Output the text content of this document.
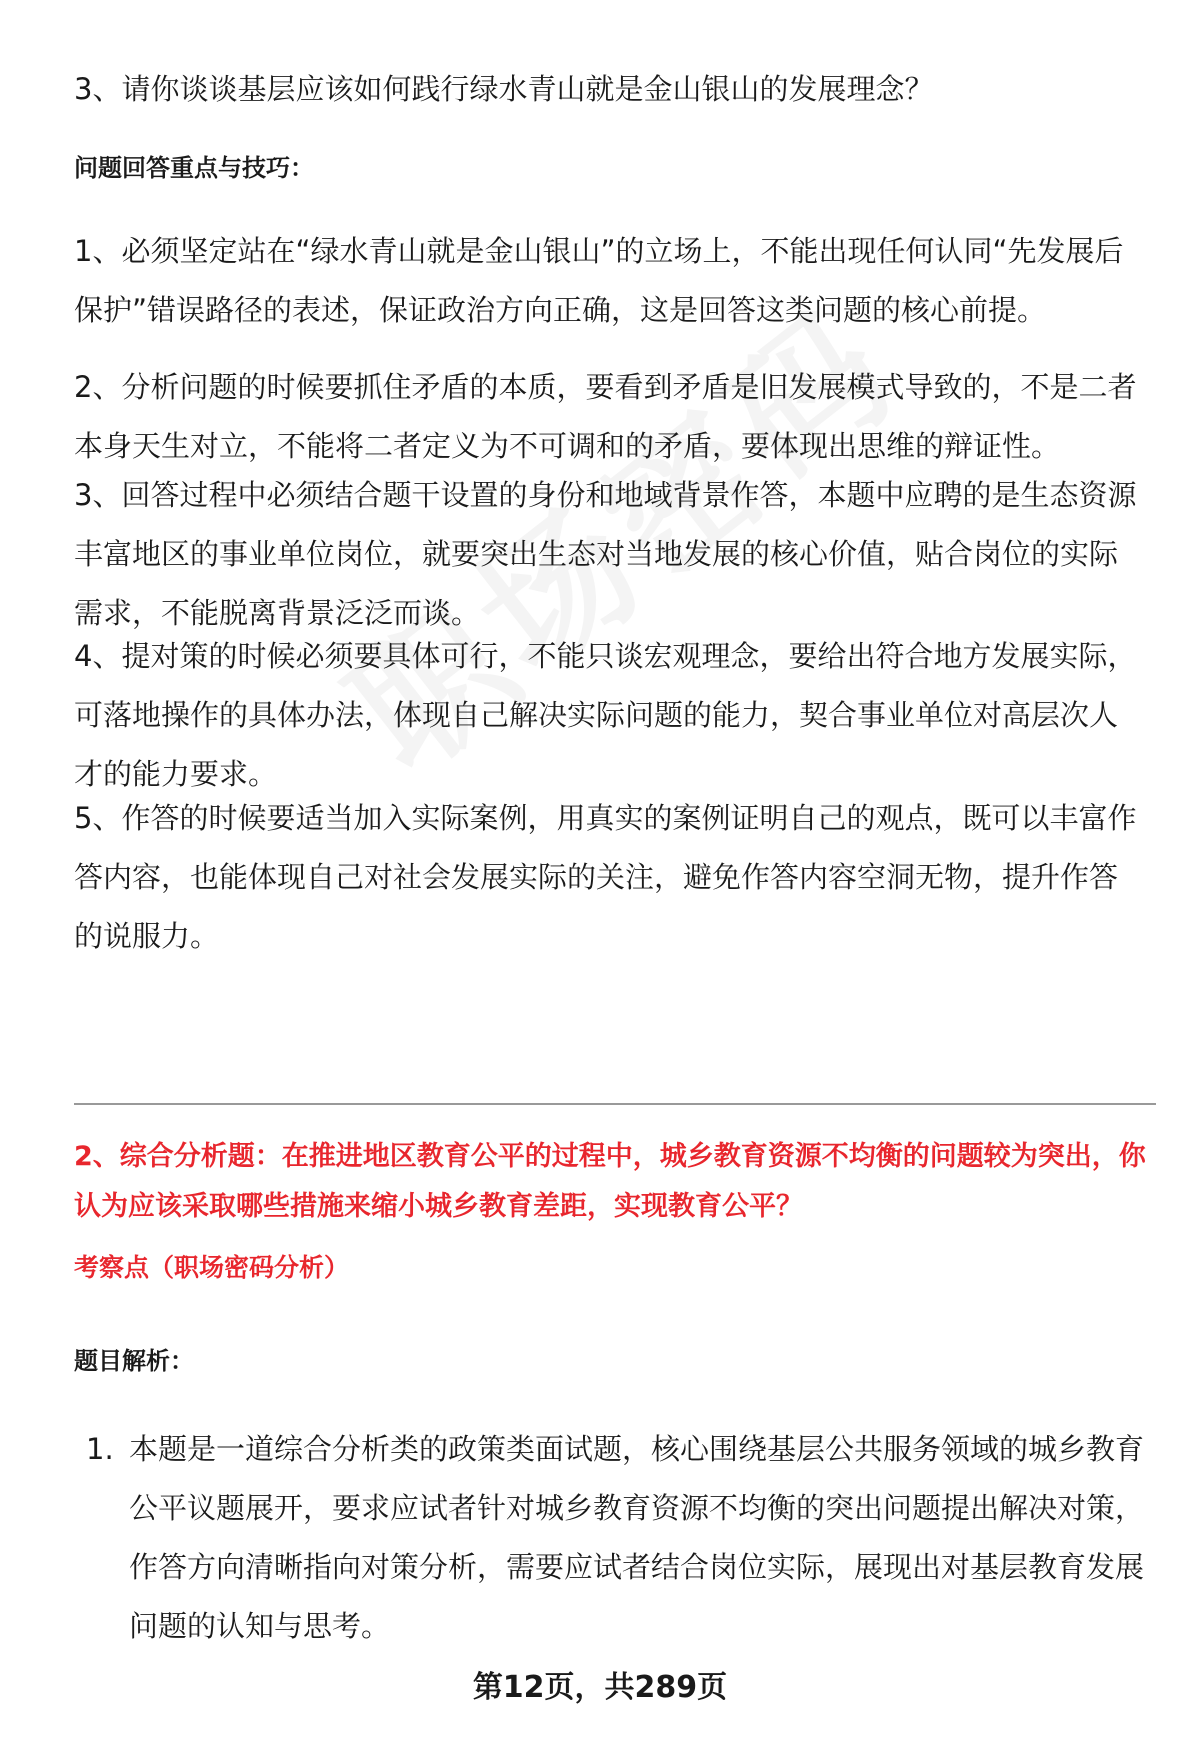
3、请你谈谈基层应该如何践行绿水青山就是金山银山的发展理念？

问题回答重点与技巧：

1、必须坚定站在“绿水青山就是金山银山”的立场上，不能出现任何认同“先发展后保护”错误路径的表述，保证政治方向正确，这是回答这类问题的核心前提。

2、分析问题的时候要抓住矛盾的本质，要看到矛盾是旧发展模式导致的，不是二者本身天生对立，不能将二者定义为不可调和的矛盾，要体现出思维的辩证性。

3、回答过程中必须结合题干设置的身份和地域背景作答，本题中应聘的是生态资源丰富地区的事业单位岗位，就要突出生态对当地发展的核心价值，贴合岗位的实际需求，不能脱离背景泛泛而谈。

4、提对策的时候必须要具体可行，不能只谈宏观理念，要给出符合地方发展实际，可落地操作的具体办法，体现自己解决实际问题的能力，契合事业单位对高层次人才的能力要求。

5、作答的时候要适当加入实际案例，用真实的案例证明自己的观点，既可以丰富作答内容，也能体现自己对社会发展实际的关注，避免作答内容空洞无物，提升作答的说服力。

2、综合分析题：在推进地区教育公平的过程中，城乡教育资源不均衡的问题较为突出，你认为应该采取哪些措施来缩小城乡教育差距，实现教育公平？

考察点（职场密码分析）

题目解析：

1. 本题是一道综合分析类的政策类面试题，核心围绕基层公共服务领域的城乡教育公平议题展开，要求应试者针对城乡教育资源不均衡的突出问题提出解决对策，作答方向清晰指向对策分析，需要应试者结合岗位实际，展现出对基层教育发展问题的认知与思考。
第12页，共289页
